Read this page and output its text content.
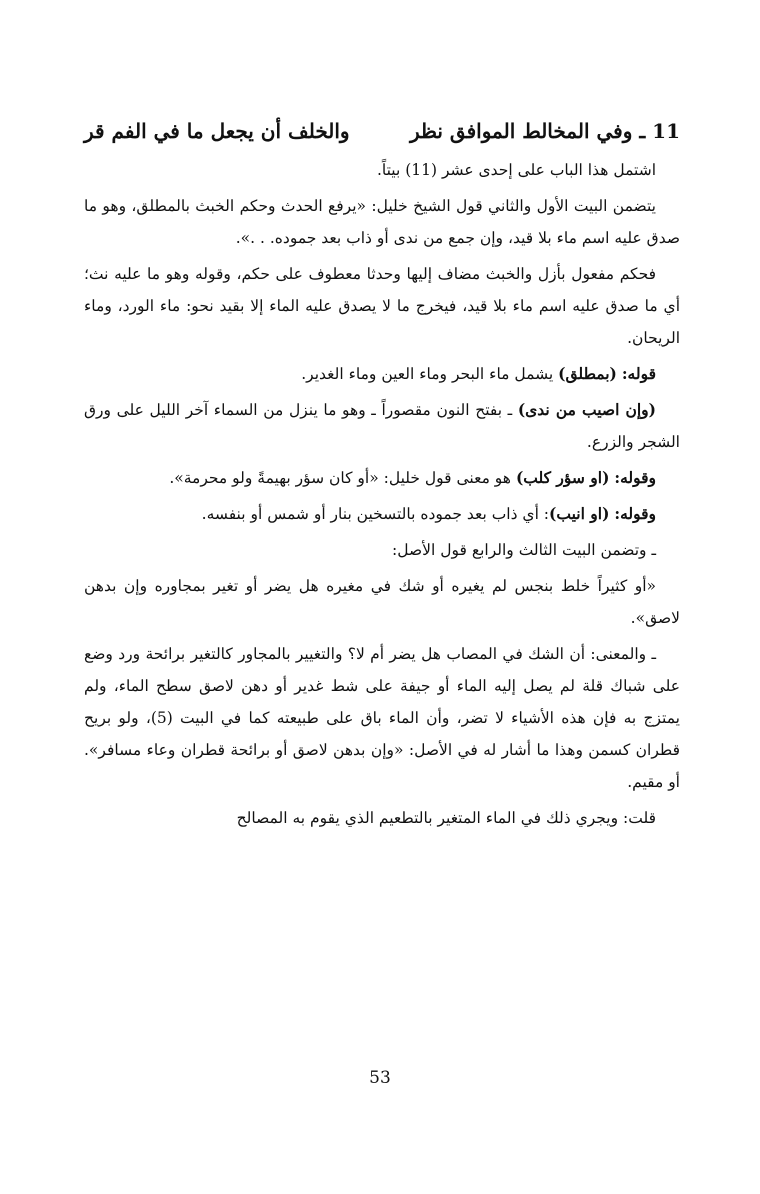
11 ـ وفي المخالط الموافق نظر
والخلف أن يجعل ما في الفم قر

اشتمل هذا الباب على إحدى عشر (11) بيتاً.

يتضمن البيت الأول والثاني قول الشيخ خليل: «يرفع الحدث وحكم الخبث بالمطلق، وهو ما صدق عليه اسم ماء بلا قيد، وإن جمع من ندى أو ذاب بعد جموده. . .».

فحكم مفعول بأزل والخبث مضاف إليها وحدثا معطوف على حكم، وقوله وهو ما عليه نث؛ أي ما صدق عليه اسم ماء بلا قيد، فيخرج ما لا يصدق عليه الماء إلا بقيد نحو: ماء الورد، وماء الريحان.

قوله: (بمطلق) يشمل ماء البحر وماء العين وماء الغدير.

(وإن اصيب من ندى) ـ بفتح النون مقصوراً ـ وهو ما ينزل من السماء آخر الليل على ورق الشجر والزرع.

وقوله: (او سؤر كلب) هو معنى قول خليل: «أو كان سؤر بهيمةً ولو محرمة».

وقوله: (او انيب): أي ذاب بعد جموده بالتسخين بنار أو شمس أو بنفسه.

ـ وتضمن البيت الثالث والرابع قول الأصل:

«أو كثيراً خلط بنجس لم يغيره أو شك في مغيره هل يضر أو تغير بمجاوره وإن بدهن لاصق».

ـ والمعنى: أن الشك في المصاب هل يضر أم لا؟ والتغيير بالمجاور كالتغير برائحة ورد وضع على شباك قلة لم يصل إليه الماء أو جيفة على شط غدير أو دهن لاصق سطح الماء، ولم يمتزج به فإن هذه الأشياء لا تضر، وأن الماء باق على طبيعته كما في البيت (5)، ولو بريح قطران كسمن وهذا ما أشار له في الأصل: «وإن بدهن لاصق أو برائحة قطران وعاء مسافر». أو مقيم.

قلت: ويجري ذلك في الماء المتغير بالتطعيم الذي يقوم به المصالح

53
